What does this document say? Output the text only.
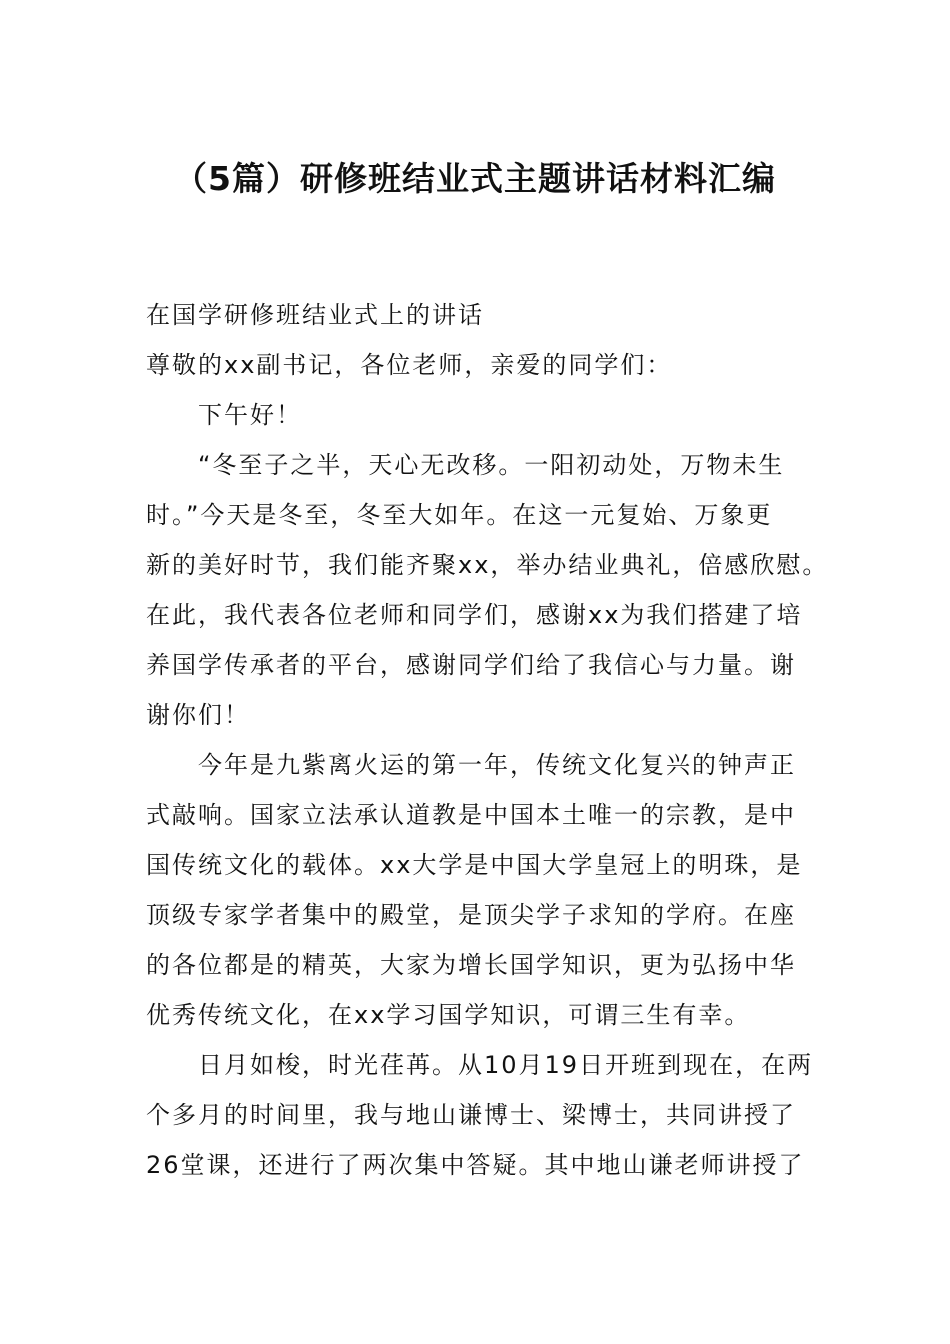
（5篇）研修班结业式主题讲话材料汇编
在国学研修班结业式上的讲话
尊敬的xx副书记，各位老师，亲爱的同学们：
下午好！
“冬至子之半，天心无改移。一阳初动处，万物未生
时。”今天是冬至，冬至大如年。在这一元复始、万象更
新的美好时节，我们能齐聚xx，举办结业典礼，倍感欣慰。
在此，我代表各位老师和同学们，感谢xx为我们搭建了培
养国学传承者的平台，感谢同学们给了我信心与力量。谢
谢你们！
今年是九紫离火运的第一年，传统文化复兴的钟声正
式敲响。国家立法承认道教是中国本土唯一的宗教，是中
国传统文化的载体。xx大学是中国大学皇冠上的明珠，是
顶级专家学者集中的殿堂，是顶尖学子求知的学府。在座
的各位都是的精英，大家为增长国学知识，更为弘扬中华
优秀传统文化，在xx学习国学知识，可谓三生有幸。
日月如梭，时光荏苒。从10月19日开班到现在，在两
个多月的时间里，我与地山谦博士、梁博士，共同讲授了
26堂课，还进行了两次集中答疑。其中地山谦老师讲授了
